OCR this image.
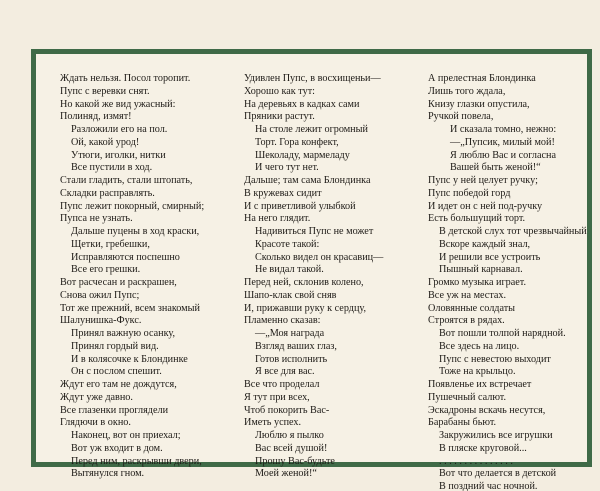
Ждать нельзя. Посол торопит.
Пупс с веревки снят.
Но какой же вид ужасный:
Полиняд, измят!
Разложили его на пол.
Ой, какой урод!
Утюги, иголки, нитки
Все пустили в ход.
Стали гладить, стали штопать,
Складки расправлять.
Пупс лежит покорный, смирный;
Пупса не узнать.
Дальше пуцены в ход краски,
Щетки, гребешки,
Исправляются поспешно
Все его грешки.
Вот расчесан и раскрашен,
Снова ожил Пупс;
Тот же прежний, всем знакомый
Шалунишка-Фукс.
Принял важную осанку,
Принял гордый вид.
И в колясочке к Блондинке
Он с послом спешит.
Ждут его там не дождутся,
Ждут уже давно.
Все глазенки проглядели
Глядючи в окно.
Наконец, вот он приехал;
Вот уж входит в дом.
Перед ним, раскрывши двери,
Вытянулся гном.
Удивлен Пупс, в восхищеньи—
Хорошо как тут:
На деревьях в кадках сами
Пряники растут.
На столе лежит огромный
Торт. Гора конфект,
Шеколаду, мармеладу
И чего тут нет.
Дальше; там сама Блондинка
В кружевах сидит
И с приветливой улыбкой
На него глядит.
Надивиться Пупс не может
Красоте такой:
Сколько видел он красавиц—
Не видал такой.
Перед ней, склонив колено,
Шапо-клак свой сняв
И, прижавши руку к сердцу,
Пламенно сказав:
—„Моя награда
Взгляд ваших глаз,
Готов исполнить
Я все для вас.
Все что проделал
Я тут при всех,
Чтоб покорить Вас-
Иметь успех.
Люблю я пылко
Вас всей душой!
Прошу Вас-будьте
Моей женой!“
А прелестная Блондинка
Лишь того ждала,
Книзу глазки опустила,
Ручкой повела,
И сказала томно, нежно:
—„Пупсик, милый мой!
Я люблю Вас и согласна
Вашей быть женой!“
Пупс у ней целует ручку;
Пупс победой горд
И идет он с ней под-ручку
Есть большущий торт.
В детской слух тот чрезвычайный
Вскоре каждый знал,
И решили все устроить
Пышный карнавал.
Громко музыка играет.
Все уж на местах.
Оловянные солдаты
Строятся в рядах.
Вот пошли толпой нарядной.
Все здесь на лицо.
Пупс с невестою выходит
Тоже на крыльцо.
Появленье их встречает
Пушечный салют.
Эскадроны вскачь несутся,
Барабаны бьют.
Закружились все игрушки
В пляске круговой...
. . . . . . . . . . . . . . .
Вот что делается в детской
В поздний час ночной.
